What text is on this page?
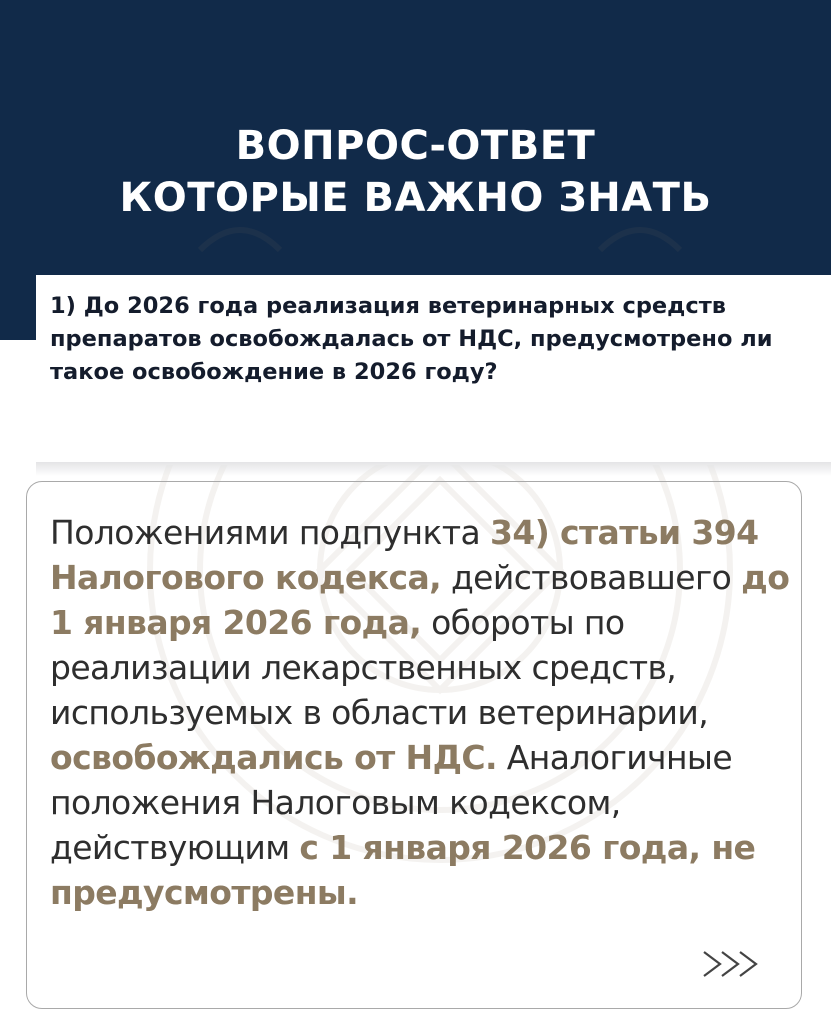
ВОПРОС-ОТВЕТ
КОТОРЫЕ ВАЖНО ЗНАТЬ
1) До 2026 года реализация ветеринарных средств препаратов освобождалась от НДС, предусмотрено ли такое освобождение в 2026 году?
Положениями подпункта 34) статьи 394 Налогового кодекса, действовавшего до 1 января 2026 года, обороты по реализации лекарственных средств, используемых в области ветеринарии, освобождались от НДС. Аналогичные положения Налоговым кодексом, действующим с 1 января 2026 года, не предусмотрены.
